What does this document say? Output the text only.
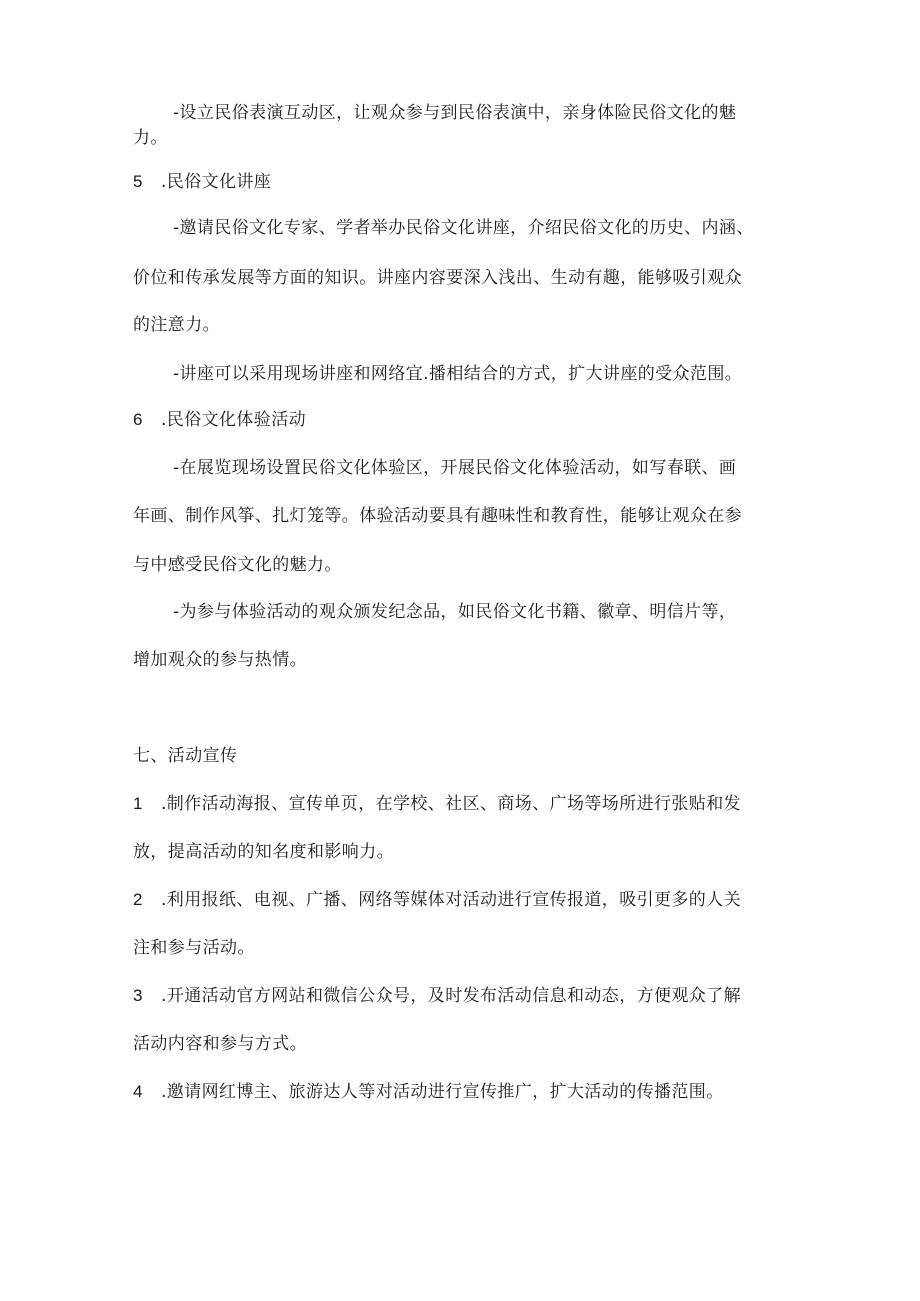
-设立民俗表演互动区，让观众参与到民俗表演中，亲身体险民俗文化的魅
力。
5 .民俗文化讲座
-邀请民俗文化专家、学者举办民俗文化讲座，介绍民俗文化的历史、内涵、
价位和传承发展等方面的知识。讲座内容要深入浅出、生动有趣，能够吸引观众
的注意力。
-讲座可以采用现场讲座和网络宜.播相结合的方式，扩大讲座的受众范围。
6 .民俗文化体验活动
-在展览现场设置民俗文化体验区，开展民俗文化体验活动，如写春联、画
年画、制作风筝、扎灯笼等。体验活动要具有趣味性和教育性，能够让观众在参
与中感受民俗文化的魅力。
-为参与体验活动的观众颁发纪念品，如民俗文化书籍、徽章、明信片等，
增加观众的参与热情。
七、活动宣传
1 .制作活动海报、宣传单页，在学校、社区、商场、广场等场所进行张贴和发
放，提高活动的知名度和影响力。
2 .利用报纸、电视、广播、网络等媒体对活动进行宣传报道，吸引更多的人关
注和参与活动。
3 .开通活动官方网站和微信公众号，及时发布活动信息和动态，方便观众了解
活动内容和参与方式。
4 .邀请网红博主、旅游达人等对活动进行宣传推广，扩大活动的传播范围。
